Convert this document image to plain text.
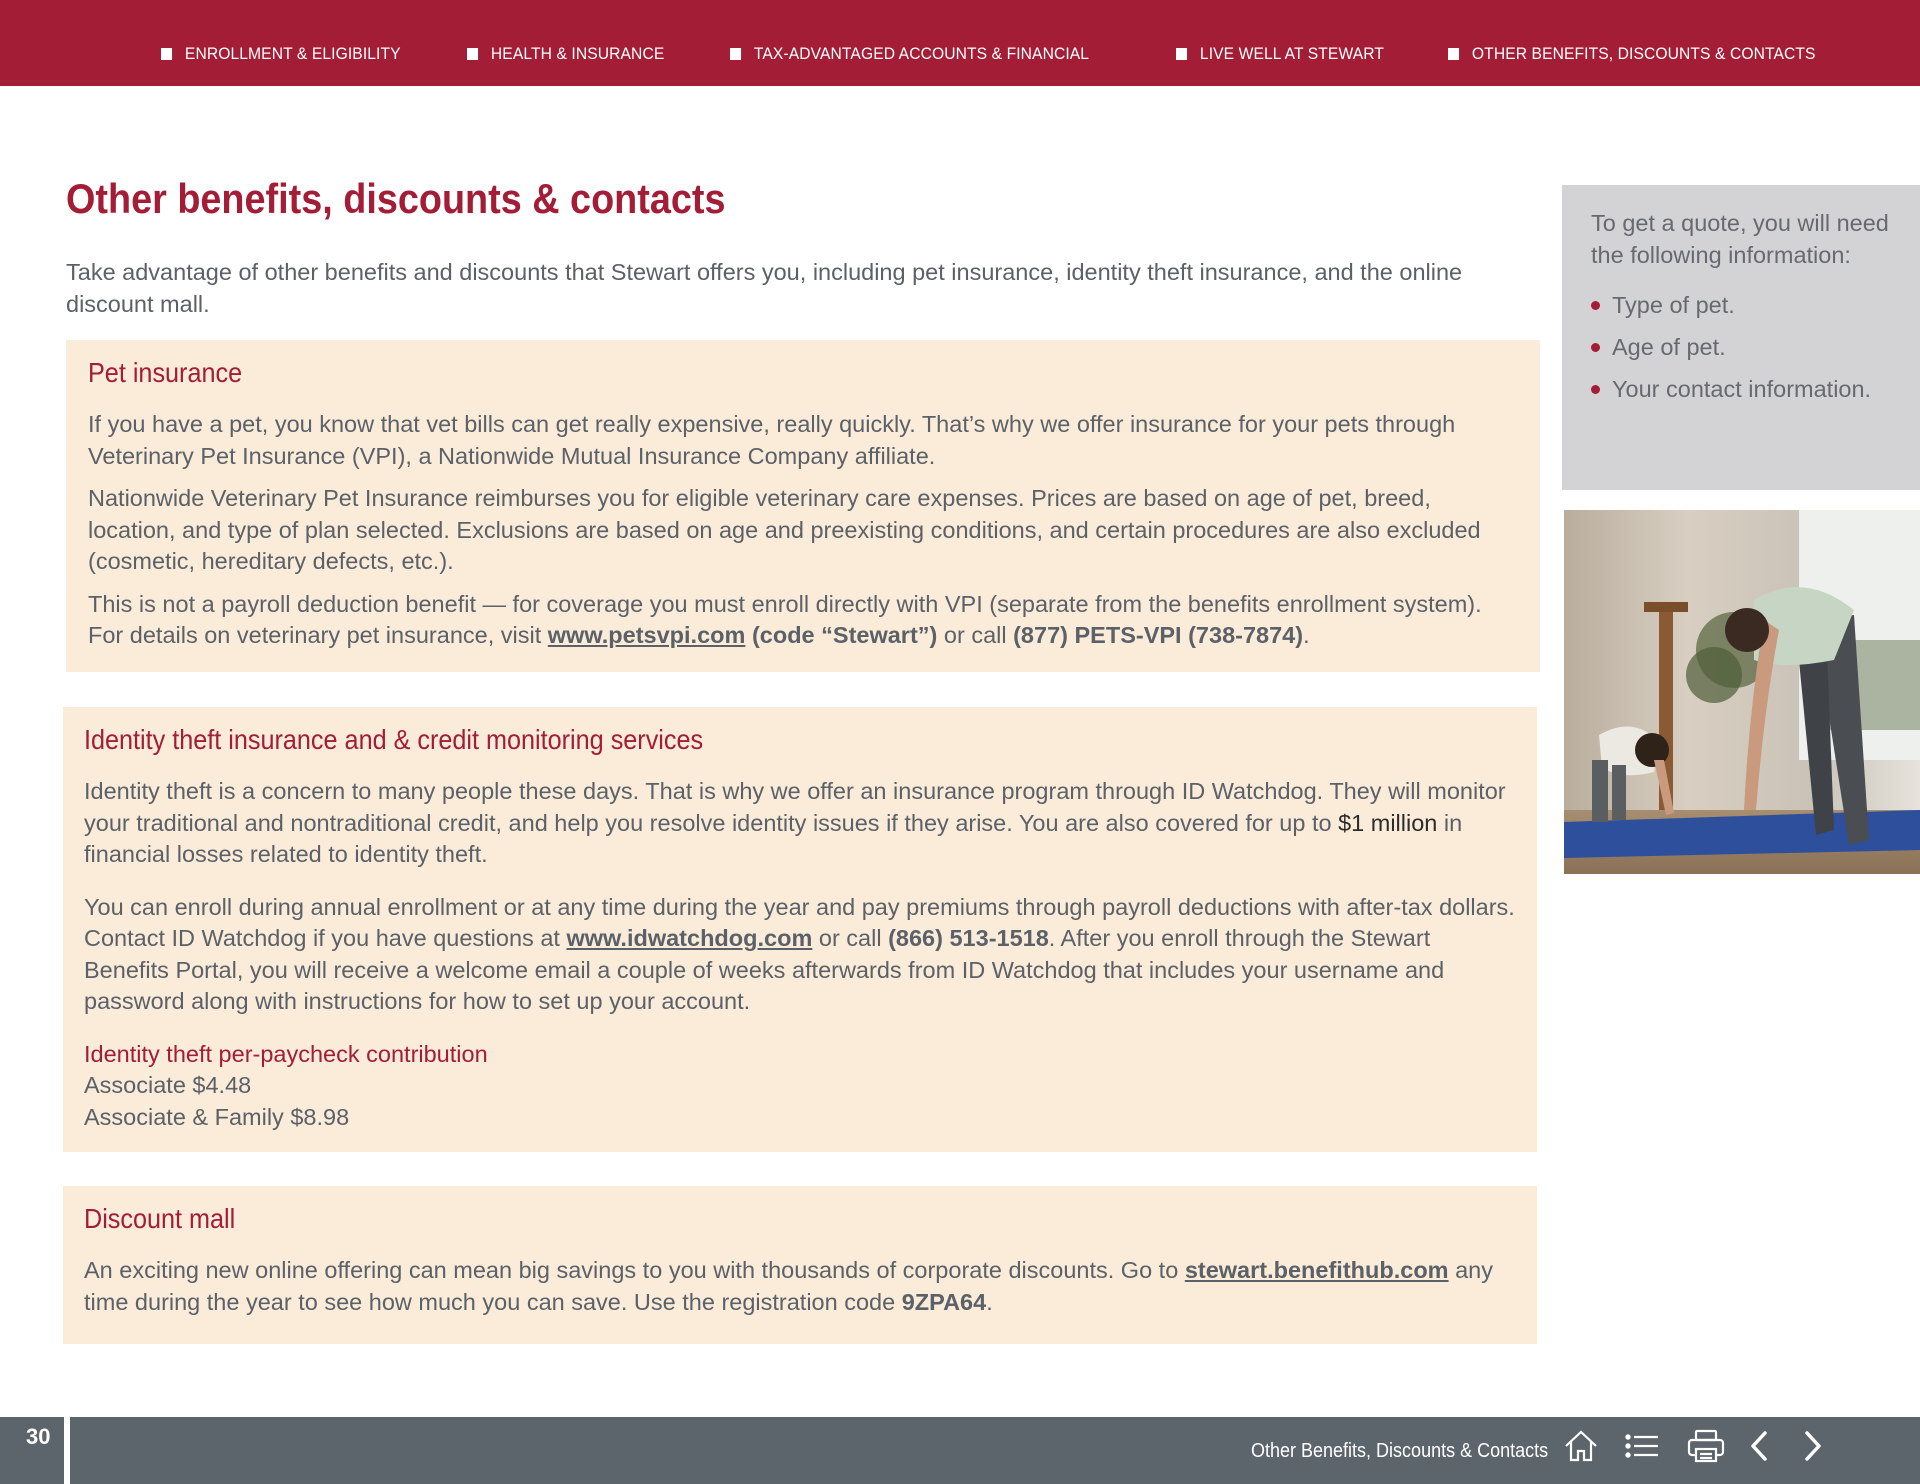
ENROLLMENT & ELIGIBILITY	HEALTH & INSURANCE	TAX-ADVANTAGED ACCOUNTS & FINANCIAL	LIVE WELL AT STEWART	OTHER BENEFITS, DISCOUNTS & CONTACTS
Other benefits, discounts & contacts

Take advantage of other benefits and discounts that Stewart offers you, including pet insurance, identity theft insurance, and the online discount mall.

Pet insurance

If you have a pet, you know that vet bills can get really expensive, really quickly. That’s why we offer insurance for your pets through Veterinary Pet Insurance (VPI), a Nationwide Mutual Insurance Company affiliate.

Nationwide Veterinary Pet Insurance reimburses you for eligible veterinary care expenses. Prices are based on age of pet, breed, location, and type of plan selected. Exclusions are based on age and preexisting conditions, and certain procedures are also excluded (cosmetic, hereditary defects, etc.).

This is not a payroll deduction benefit — for coverage you must enroll directly with VPI (separate from the benefits enrollment system). For details on veterinary pet insurance, visit www.petsvpi.com (code “Stewart”) or call (877) PETS-VPI (738-7874).

Identity theft insurance and & credit monitoring services

Identity theft is a concern to many people these days. That is why we offer an insurance program through ID Watchdog. They will monitor your traditional and nontraditional credit, and help you resolve identity issues if they arise. You are also covered for up to $1 million in financial losses related to identity theft.

You can enroll during annual enrollment or at any time during the year and pay premiums through payroll deductions with after-tax dollars. Contact ID Watchdog if you have questions at www.idwatchdog.com or call (866) 513-1518. After you enroll through the Stewart Benefits Portal, you will receive a welcome email a couple of weeks afterwards from ID Watchdog that includes your username and password along with instructions for how to set up your account.

Identity theft per-paycheck contribution

Associate $4.48

Associate & Family $8.98

Discount mall

An exciting new online offering can mean big savings to you with thousands of corporate discounts. Go to stewart.benefithub.com any time during the year to see how much you can save. Use the registration code 9ZPA64.

To get a quote, you will need the following information:

Type of pet.
Age of pet.
Your contact information.
30
Other Benefits, Discounts & Contacts
